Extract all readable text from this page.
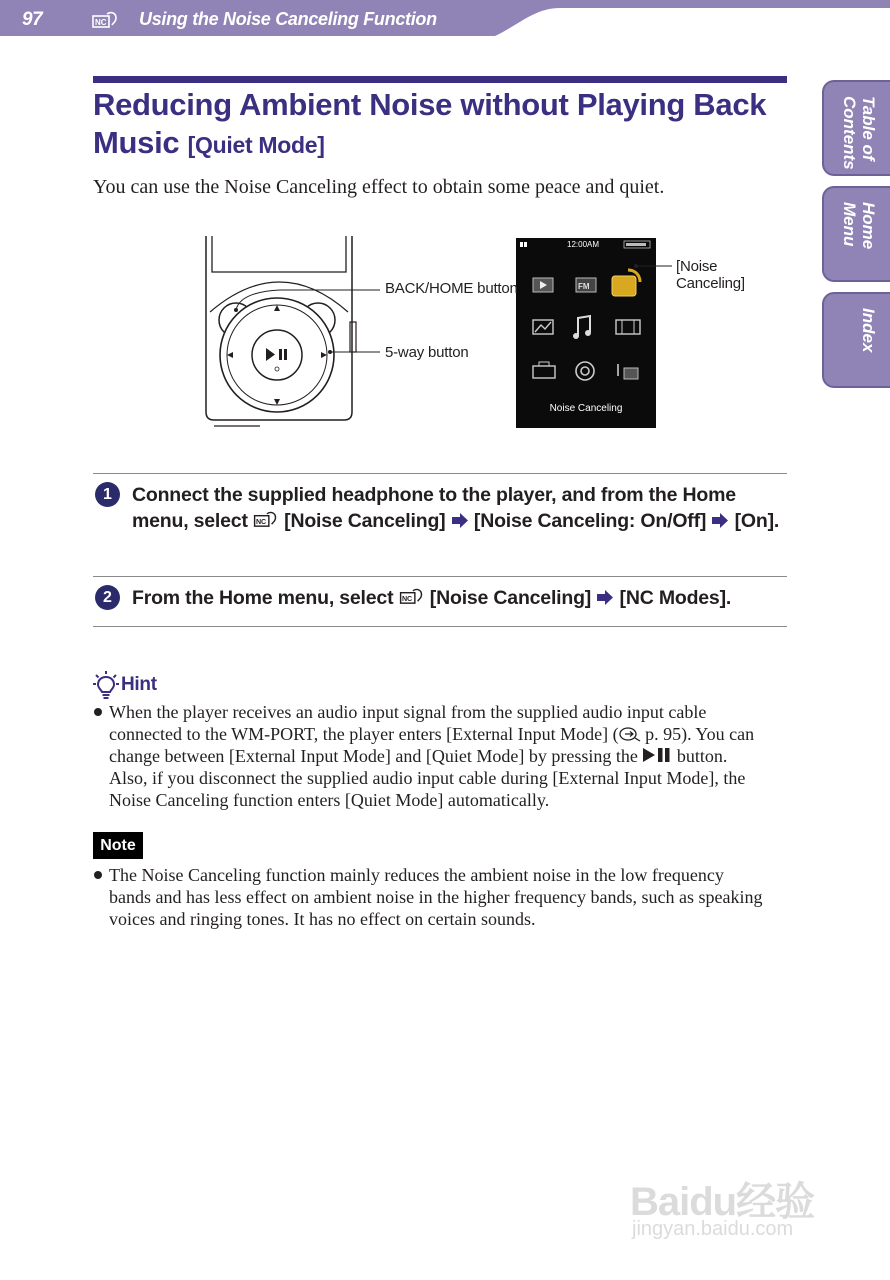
97	NC Using the Noise Canceling Function
Table of
Contents
Home
Menu
Index
Reducing Ambient Noise without Playing Back Music [Quiet Mode]
You can use the Noise Canceling effect to obtain some peace and quiet.
FM
BACK/HOME button
5-way button
[Noise Canceling]
12:00AM
Noise Canceling
1	Connect the supplied headphone to the player, and from the Home menu, select NC [Noise Canceling]  [Noise Canceling: On/Off]  [On].
2	From the Home menu, select NC [Noise Canceling]  [NC Modes].
Hint
When the player receives an audio input signal from the supplied audio input cable connected to the WM-PORT, the player enters [External Input Mode] ( p. 95). You can change between [External Input Mode] and [Quiet Mode] by pressing the  button. Also, if you disconnect the supplied audio input cable during [External Input Mode], the Noise Canceling function enters [Quiet Mode] automatically.
Note
The Noise Canceling function mainly reduces the ambient noise in the low frequency bands and has less effect on ambient noise in the higher frequency bands, such as speaking voices and ringing tones. It has no effect on certain sounds.
Baidu经验
jingyan.baidu.com
